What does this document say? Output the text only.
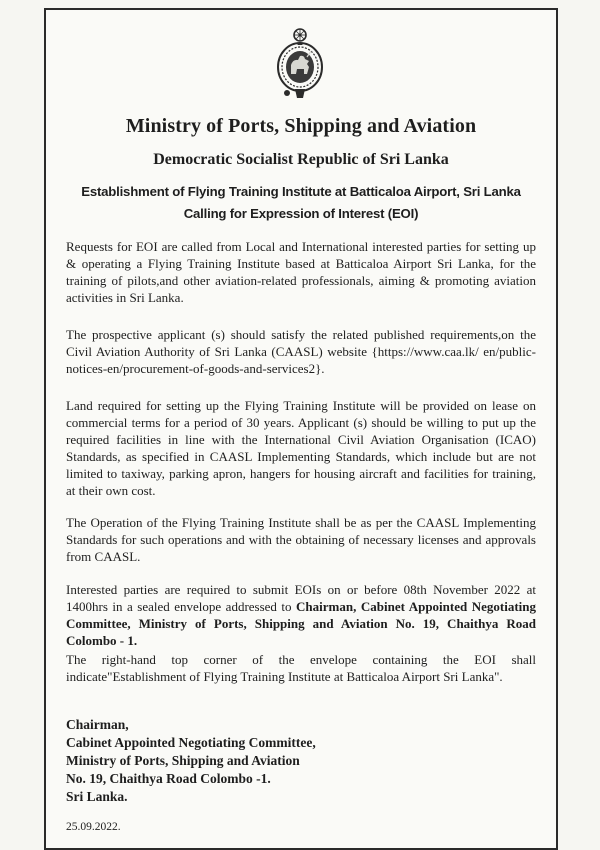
Ministry of Ports, Shipping and Aviation
Democratic Socialist Republic of Sri Lanka
Establishment of Flying Training Institute at Batticaloa Airport, Sri Lanka
Calling for Expression of Interest (EOI)

Requests for EOI are called from Local and International interested parties for setting up & operating a Flying Training Institute based at Batticaloa Airport Sri Lanka, for the training of pilots,and other aviation-related professionals, aiming & promoting aviation activities in Sri Lanka.

The prospective applicant (s) should satisfy the related published requirements,on the Civil Aviation Authority of Sri Lanka (CAASL) website {https://www.caa.lk/ en/public-notices-en/procurement-of-goods-and-services2}.

Land required for setting up the Flying Training Institute will be provided on lease on commercial terms for a period of 30 years. Applicant (s) should be willing to put up the required facilities in line with the International Civil Aviation Organisation (ICAO) Standards, as specified in CAASL Implementing Standards, which include but are not limited to taxiway, parking apron, hangers for housing aircraft and facilities for training, at their own cost.

The Operation of the Flying Training Institute shall be as per the CAASL Implementing Standards for such operations and with the obtaining of necessary licenses and approvals from CAASL.

Interested parties are required to submit EOIs on or before 08th November 2022 at 1400hrs in a sealed envelope addressed to Chairman, Cabinet Appointed Negotiating Committee, Ministry of Ports, Shipping and Aviation No. 19, Chaithya Road Colombo - 1.

The right-hand top corner of the envelope containing the EOI shall indicate"Establishment of Flying Training Institute at Batticaloa Airport Sri Lanka".

Chairman,
Cabinet Appointed Negotiating Committee,
Ministry of Ports, Shipping and Aviation
No. 19, Chaithya Road Colombo -1.
Sri Lanka.
25.09.2022.
